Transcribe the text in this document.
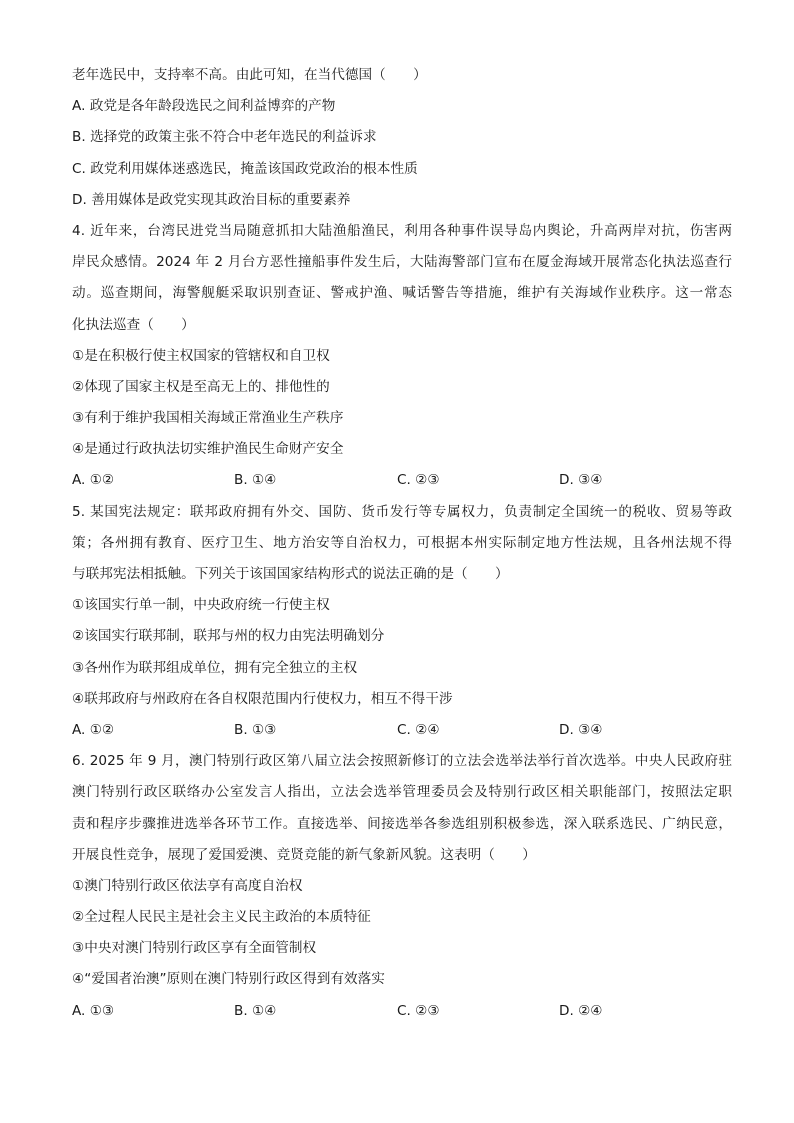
老年选民中，支持率不高。由此可知，在当代德国（　　）
A. 政党是各年龄段选民之间利益博弈的产物
B. 选择党的政策主张不符合中老年选民的利益诉求
C. 政党利用媒体迷惑选民，掩盖该国政党政治的根本性质
D. 善用媒体是政党实现其政治目标的重要素养
4. 近年来，台湾民进党当局随意抓扣大陆渔船渔民，利用各种事件误导岛内舆论，升高两岸对抗，伤害两
岸民众感情。2024 年 2 月台方恶性撞船事件发生后，大陆海警部门宣布在厦金海域开展常态化执法巡查行
动。巡查期间，海警舰艇采取识别查证、警戒护渔、喊话警告等措施，维护有关海域作业秩序。这一常态
化执法巡查（　　）
①是在积极行使主权国家的管辖权和自卫权
②体现了国家主权是至高无上的、排他性的
③有利于维护我国相关海域正常渔业生产秩序
④是通过行政执法切实维护渔民生命财产安全
A. ①②	B. ①④	C. ②③	D. ③④
5. 某国宪法规定：联邦政府拥有外交、国防、货币发行等专属权力，负责制定全国统一的税收、贸易等政
策；各州拥有教育、医疗卫生、地方治安等自治权力，可根据本州实际制定地方性法规，且各州法规不得
与联邦宪法相抵触。下列关于该国国家结构形式的说法正确的是（　　）
①该国实行单一制，中央政府统一行使主权
②该国实行联邦制，联邦与州的权力由宪法明确划分
③各州作为联邦组成单位，拥有完全独立的主权
④联邦政府与州政府在各自权限范围内行使权力，相互不得干涉
A. ①②	B. ①③	C. ②④	D. ③④
6. 2025 年 9 月，澳门特别行政区第八届立法会按照新修订的立法会选举法举行首次选举。中央人民政府驻
澳门特别行政区联络办公室发言人指出，立法会选举管理委员会及特别行政区相关职能部门，按照法定职
责和程序步骤推进选举各环节工作。直接选举、间接选举各参选组别积极参选，深入联系选民、广纳民意，
开展良性竞争，展现了爱国爱澳、竞贤竞能的新气象新风貌。这表明（　　）
①澳门特别行政区依法享有高度自治权
②全过程人民民主是社会主义民主政治的本质特征
③中央对澳门特别行政区享有全面管制权
④“爱国者治澳”原则在澳门特别行政区得到有效落实
A. ①③	B. ①④	C. ②③	D. ②④
